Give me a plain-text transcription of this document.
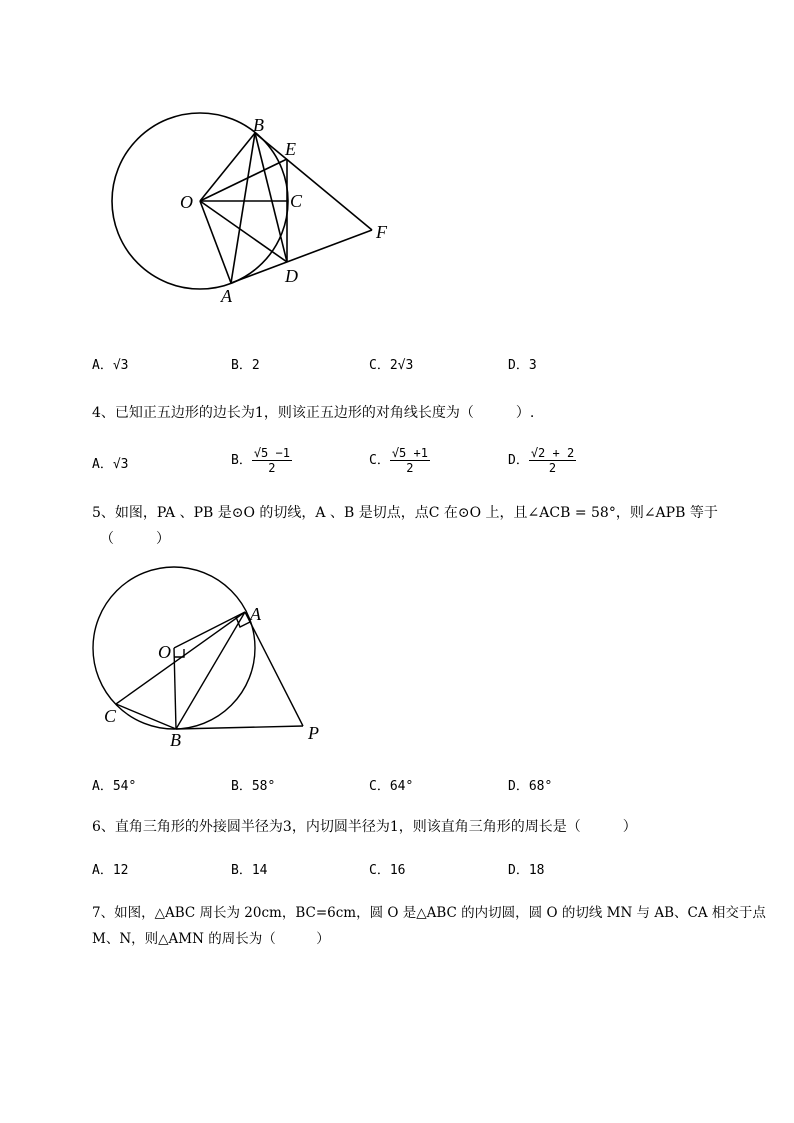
B
E
O	C
F
D
A
A．√3	B．2	C．2√3	D．3
4、已知正五边形的边长为1，则该正五边形的对角线长度为（　　　）.
A．√3	B． $\frac{√5 -1}{2}$	C． $\frac{√5 +1}{2}$	D． $\frac{√2 + 2}{2}$
5、如图，PA 、PB 是⊙O 的切线，A 、B 是切点，点C 在⊙O 上，且∠ACB = 58°，则∠APB 等于
（　　　）
A
O
C
B	P
A．54°	B．58°	C．64°	D．68°
6、直角三角形的外接圆半径为3，内切圆半径为1，则该直角三角形的周长是（　　　）
A．12	B．14	C．16	D．18
7、如图，△ABC 周长为 20cm，BC=6cm，圆 O 是△ABC 的内切圆，圆 O 的切线 MN 与 AB、CA 相交于点
M、N，则△AMN 的周长为（　　　）
